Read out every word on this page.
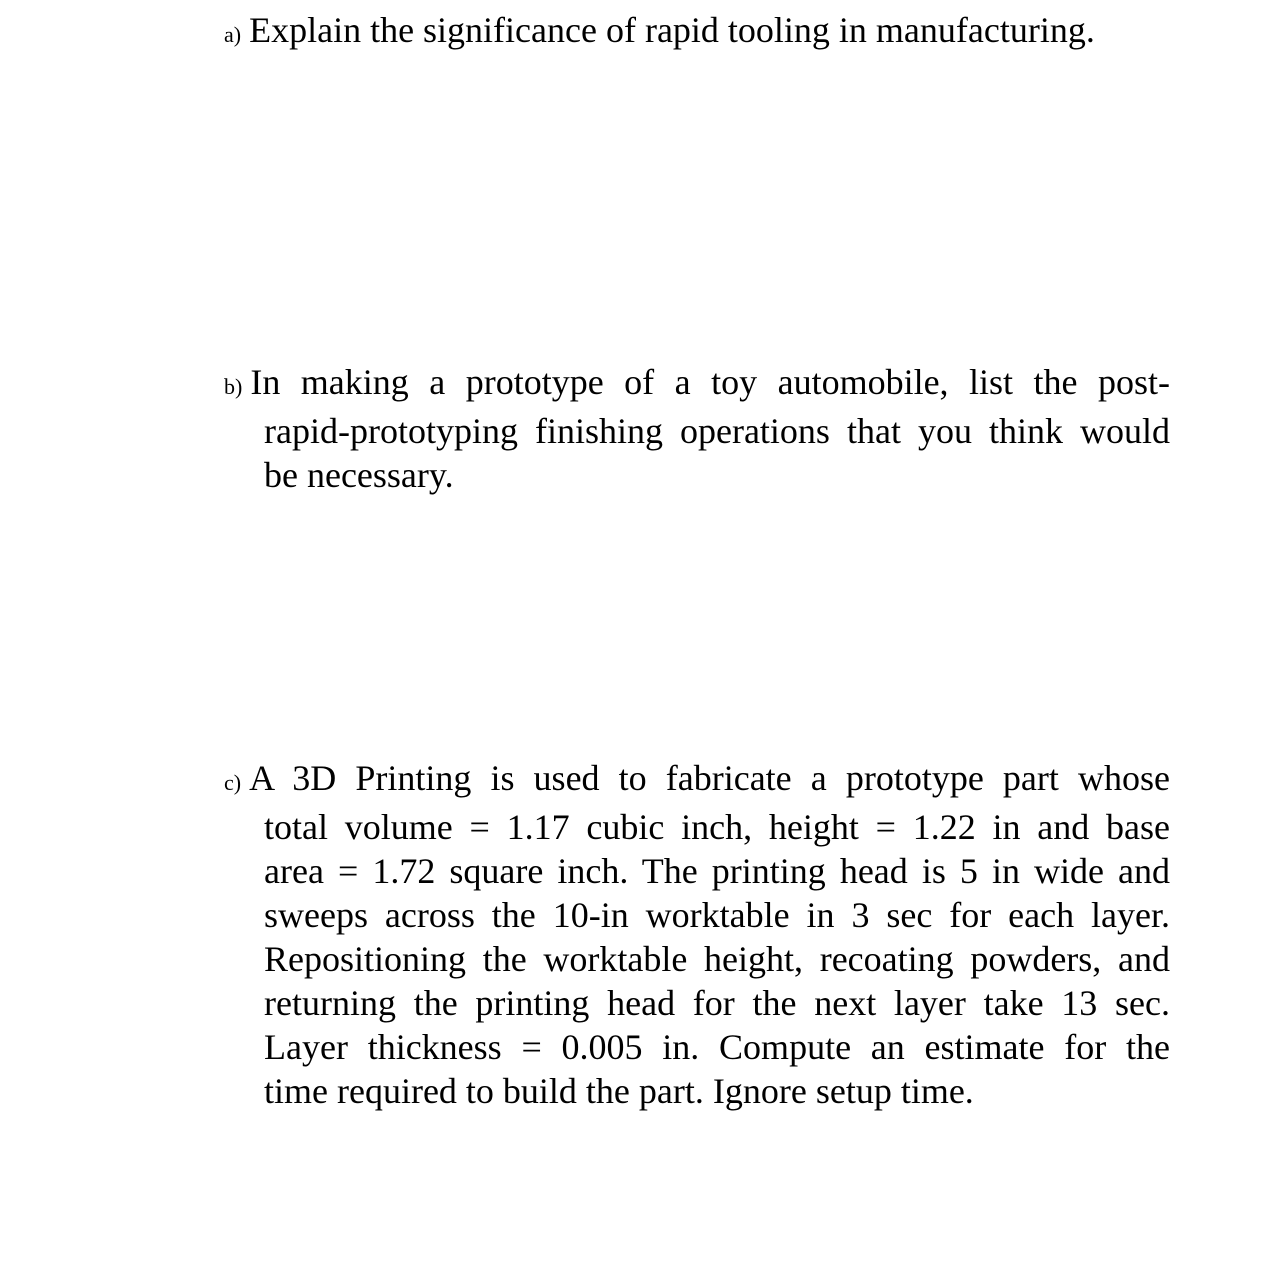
a) Explain the significance of rapid tooling in manufacturing.
b) In making a prototype of a toy automobile, list the post-
rapid-prototyping finishing operations that you think would
be necessary.
c) A 3D Printing is used to fabricate a prototype part whose
total volume = 1.17 cubic inch, height = 1.22 in and base
area = 1.72 square inch. The printing head is 5 in wide and
sweeps across the 10-in worktable in 3 sec for each layer.
Repositioning the worktable height, recoating powders, and
returning the printing head for the next layer take 13 sec.
Layer thickness = 0.005 in. Compute an estimate for the
time required to build the part. Ignore setup time.
